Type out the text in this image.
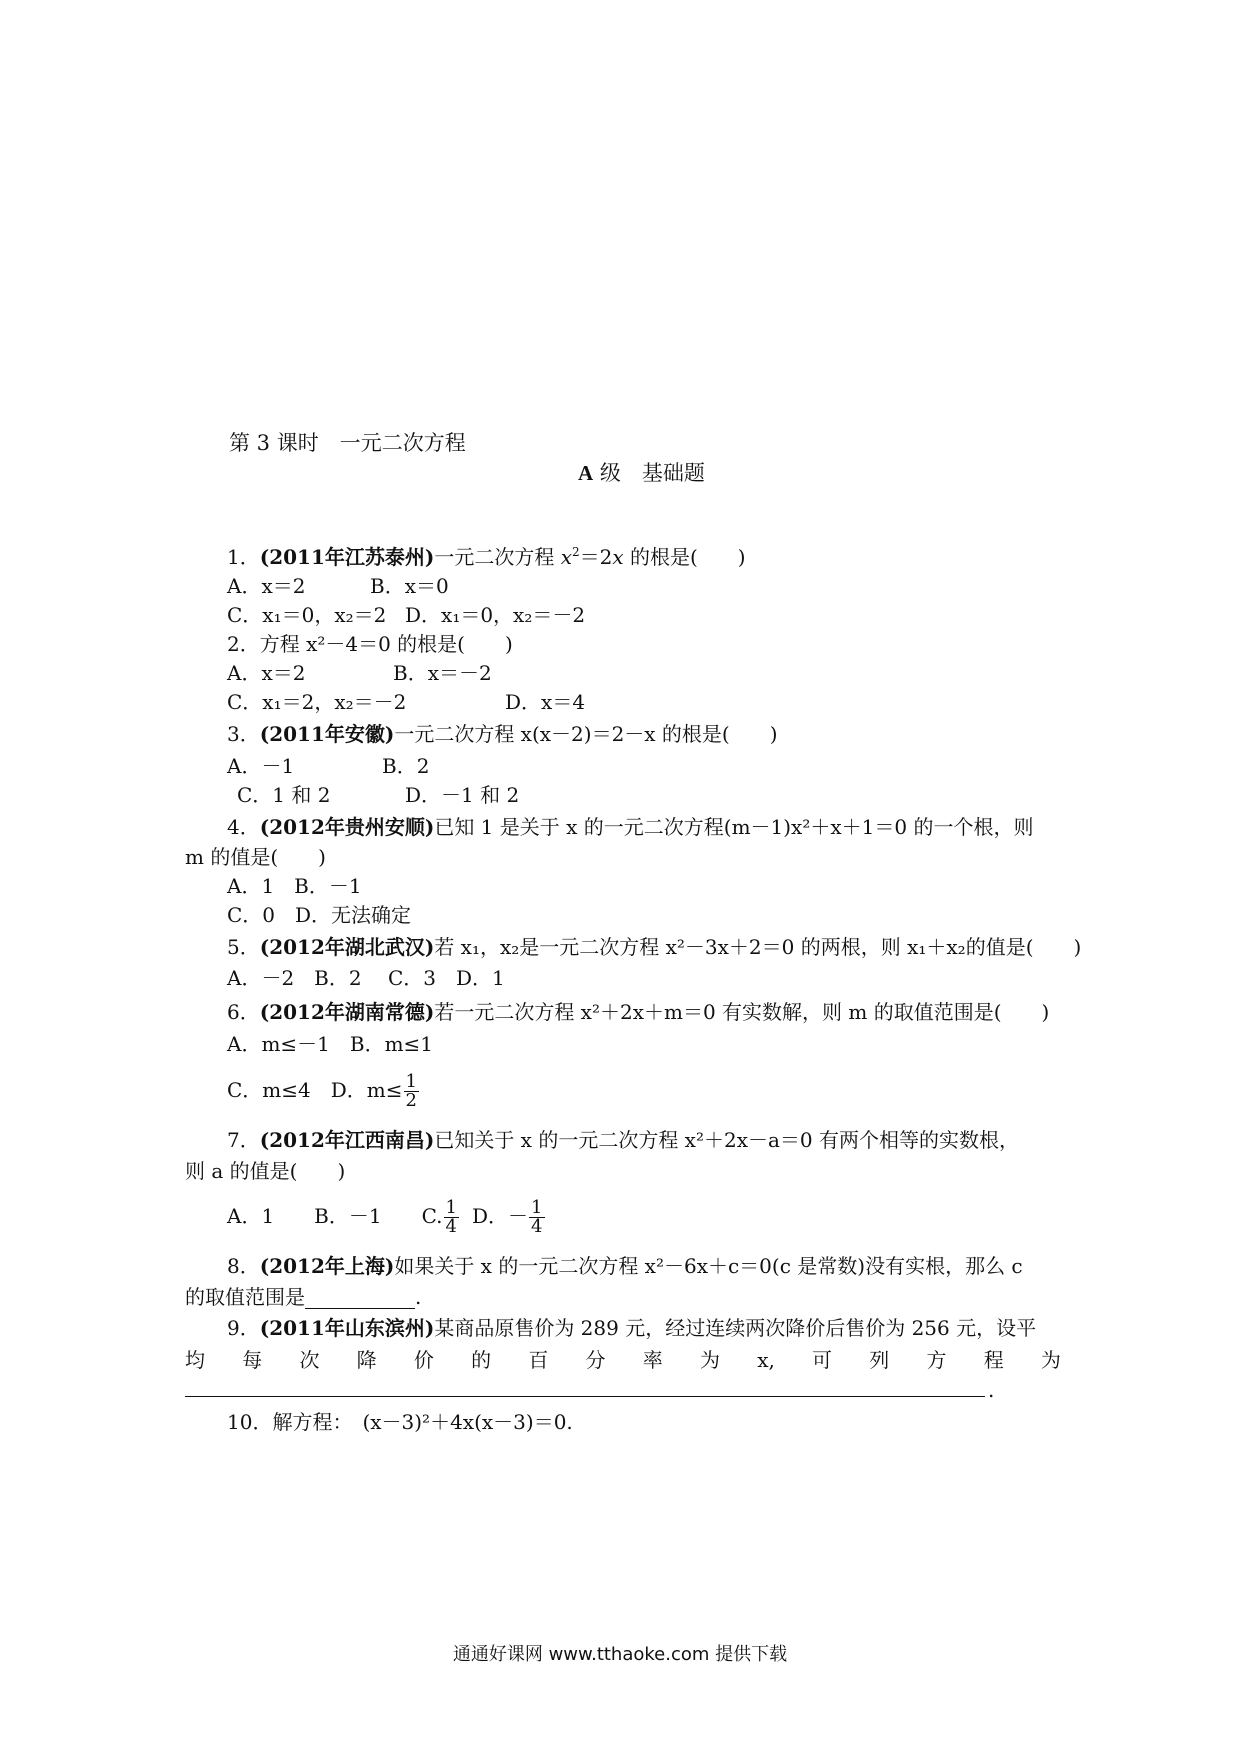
第 3 课时　一元二次方程
A 级　基础题
1．(2011年江苏泰州)一元二次方程 $x^2=2x$ 的根是(　　)
A．x＝2	B．x＝0
C．x₁＝0，x₂＝2 D．x₁＝0，x₂＝－2
2．方程 x²－4＝0 的根是(　　)
A．x＝2	B．x＝－2
C．x₁＝2，x₂＝－2	D．x＝4
3．(2011年安徽)一元二次方程 x(x－2)＝2－x 的根是(　　)
A．－1	B．2
C．1 和 2	D．－1 和 2
4．(2012年贵州安顺)已知 1 是关于 x 的一元二次方程(m－1)x²＋x＋1＝0 的一个根，则
m 的值是(　　)
A．1　B．－1
C．0　D．无法确定
5．(2012年湖北武汉)若 x₁，x₂是一元二次方程 x²－3x＋2＝0 的两根，则 x₁＋x₂的值是(　　)
A．－2　B．2　 C．3　D．1
6．(2012年湖南常德)若一元二次方程 x²＋2x＋m＝0 有实数解，则 m 的取值范围是(　　)
A．m≤－1　B．m≤1
C．m≤4　D．$m\le \frac{1}{2}$
7．(2012年江西南昌)已知关于 x 的一元二次方程 x²＋2x－a＝0 有两个相等的实数根，
则 a 的值是(　　)
A．1 B．－1 C. $\frac{1}{4}$ D．－ $\frac{1}{4}$
8．(2012年上海)如果关于 x 的一元二次方程 x²－6x＋c＝0(c 是常数)没有实根，那么 c
的取值范围是	.
9．(2011年山东滨州)某商品原售价为 289 元，经过连续两次降价后售价为 256 元，设平
均 每 次 降 价 的 百 分 率 为 x, 可 列 方 程 为
.
10．解方程：　(x－3)²＋4x(x－3)＝0.
通通好课网 www.tthaoke.com 提供下载
